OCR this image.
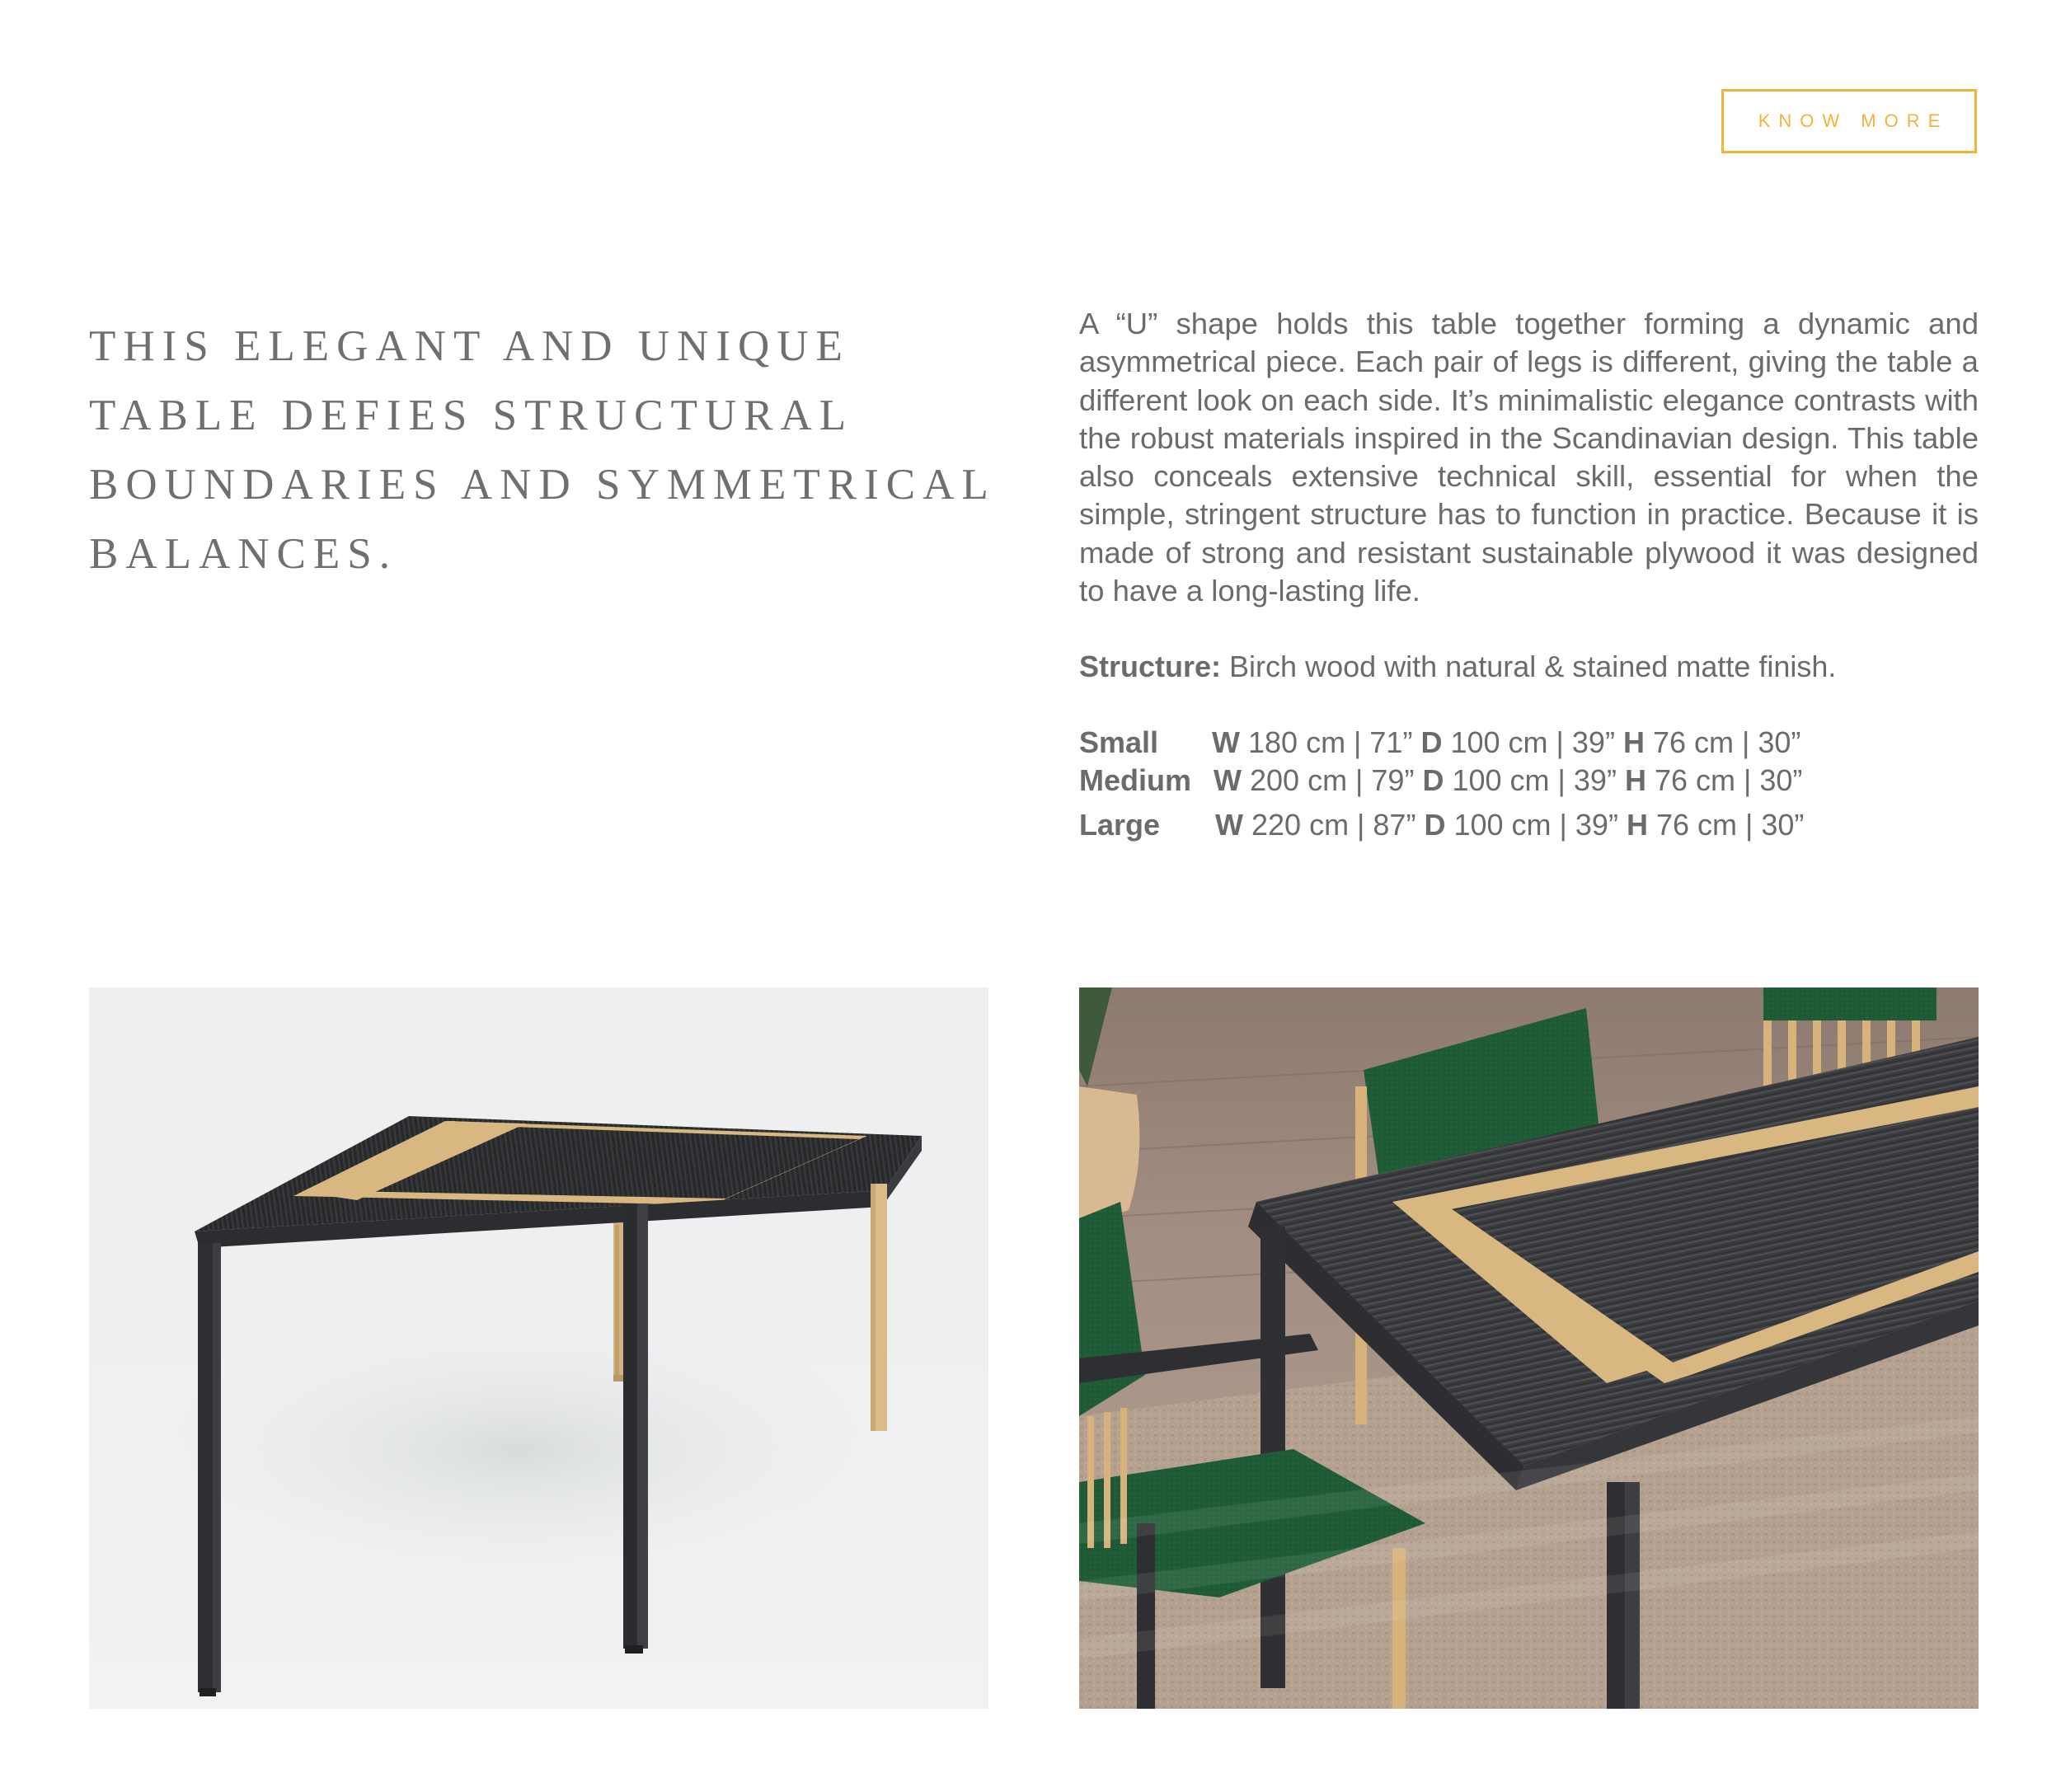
KNOW MORE
THIS ELEGANT AND UNIQUE
TABLE DEFIES STRUCTURAL
BOUNDARIES AND SYMMETRICAL
BALANCES.

A “U” shape holds this table together forming a dynamic and asymmetrical piece. Each pair of legs is different, giving the table a different look on each side. It’s minimalistic elegance contrasts with the robust materials inspired in the Scandinavian design. This table also conceals extensive technical skill, essential for when the simple, stringent structure has to function in practice. Because it is made of strong and resistant sustainable plywood it was designed to have a long-lasting life.

Structure: Birch wood with natural & stained matte finish.

Small	W
180 cm | 71”
D
100 cm | 39”
H
76 cm | 30”
Medium W
200 cm | 79”
D
100 cm | 39”
H
76 cm | 30”
Large	W
220 cm | 87”
D
100 cm | 39”
H
76 cm | 30”
